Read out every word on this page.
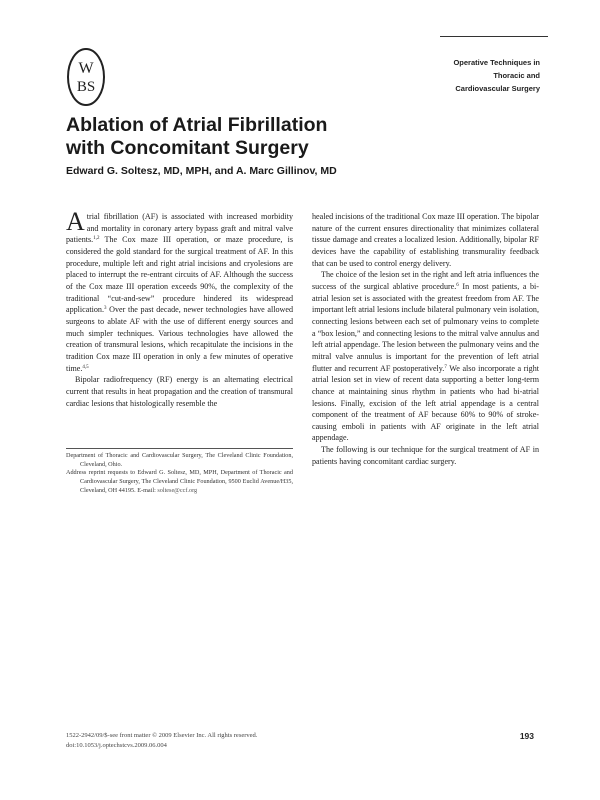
W
BS
Operative Techniques in
Thoracic and
Cardiovascular Surgery
Ablation of Atrial Fibrillation
with Concomitant Surgery
Edward G. Soltesz, MD, MPH, and A. Marc Gillinov, MD

Atrial fibrillation (AF) is associated with increased morbidity and mortality in coronary artery bypass graft and mitral valve patients.$^{1,2}$ The Cox maze III operation, or maze procedure, is considered the gold standard for the surgical treatment of AF. In this procedure, multiple left and right atrial incisions and cryolesions are placed to interrupt the re-entrant circuits of AF. Although the success of the Cox maze III operation exceeds 90%, the complexity of the traditional “cut-and-sew” procedure hindered its widespread application.$^3$ Over the past decade, newer technologies have allowed surgeons to ablate AF with the use of different energy sources and much simpler techniques. Various technologies have allowed the creation of transmural lesions, which recapitulate the incisions in the tradition Cox maze III operation in only a few minutes of operative time.$^{4,5}$

Bipolar radiofrequency (RF) energy is an alternating electrical current that results in heat propagation and the creation of transmural cardiac lesions that histologically resemble the

Department of Thoracic and Cardiovascular Surgery, The Cleveland Clinic Foundation, Cleveland, Ohio.

Address reprint requests to Edward G. Soltesz, MD, MPH, Department of Thoracic and Cardiovascular Surgery, The Cleveland Clinic Foundation, 9500 Euclid Avenue/H35, Cleveland, OH 44195. E-mail: soltese@ccf.org

healed incisions of the traditional Cox maze III operation. The bipolar nature of the current ensures directionality that minimizes collateral tissue damage and creates a localized lesion. Additionally, bipolar RF devices have the capability of establishing transmurality feedback that can be used to control energy delivery.

The choice of the lesion set in the right and left atria influences the success of the surgical ablative procedure.$^6$ In most patients, a bi-atrial lesion set is associated with the greatest freedom from AF. The important left atrial lesions include bilateral pulmonary vein isolation, connecting lesions between each set of pulmonary veins to complete a “box lesion,” and connecting lesions to the mitral valve annulus and left atrial appendage. The lesion between the pulmonary veins and the mitral valve annulus is important for the prevention of left atrial flutter and recurrent AF postoperatively.$^7$ We also incorporate a right atrial lesion set in view of recent data supporting a better long-term chance at maintaining sinus rhythm in patients who had bi-atrial lesions. Finally, excision of the left atrial appendage is a central component of the treatment of AF because 60% to 90% of stroke-causing emboli in patients with AF originate in the left atrial appendage.

The following is our technique for the surgical treatment of AF in patients having concomitant cardiac surgery.

1522-2942/09/$-see front matter © 2009 Elsevier Inc. All rights reserved.
doi:10.1053/j.optechstcvs.2009.06.004
193
